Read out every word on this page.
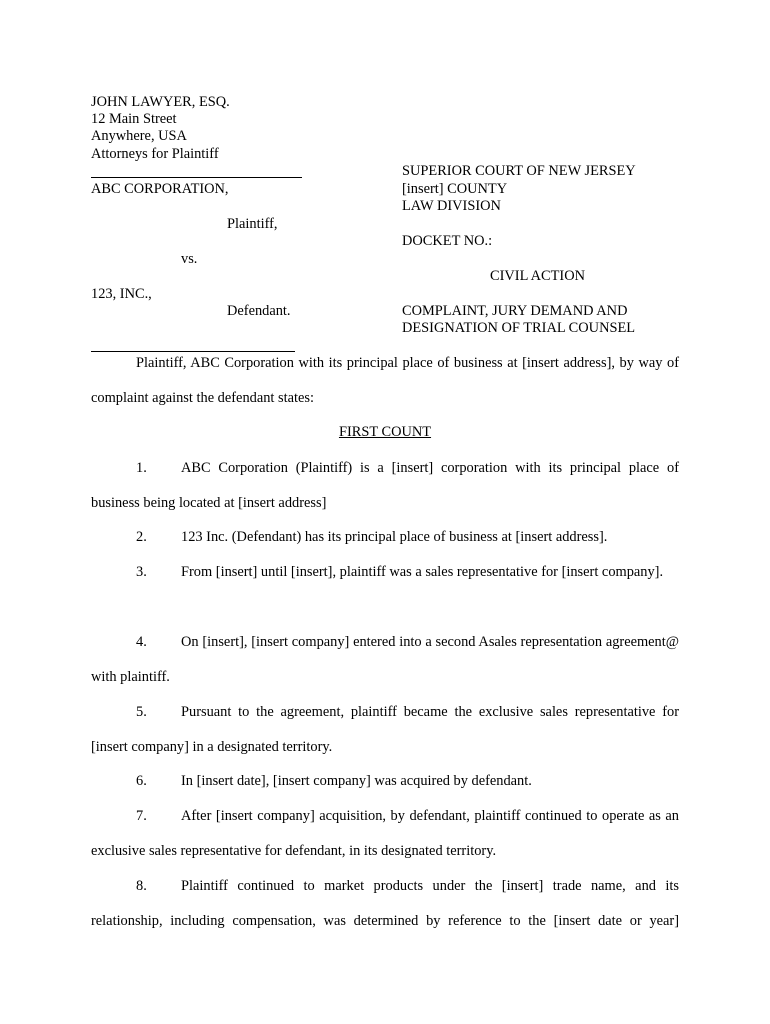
JOHN LAWYER, ESQ.
12 Main Street
Anywhere, USA
Attorneys for Plaintiff
ABC CORPORATION,
Plaintiff,
vs.
123, INC.,
Defendant.
SUPERIOR COURT OF NEW JERSEY
[insert] COUNTY
LAW DIVISION
DOCKET NO.:
CIVIL ACTION
COMPLAINT, JURY DEMAND AND
DESIGNATION OF TRIAL COUNSEL
Plaintiff, ABC Corporation with its principal place of business at [insert address], by way of complaint against the defendant states:
FIRST COUNT
1. ABC Corporation (Plaintiff) is a [insert] corporation with its principal place of business being located at [insert address]
2. 123 Inc. (Defendant) has its principal place of business at [insert address].
3. From [insert] until [insert], plaintiff was a sales representative for [insert company].
4. On [insert], [insert company] entered into a second Asales representation agreement@ with plaintiff.
5. Pursuant to the agreement, plaintiff became the exclusive sales representative for [insert company] in a designated territory.
6. In [insert date], [insert company] was acquired by defendant.
7. After [insert company] acquisition, by defendant, plaintiff continued to operate as an exclusive sales representative for defendant, in its designated territory.
8. Plaintiff continued to market products under the [insert] trade name, and its relationship, including compensation, was determined by reference to the [insert date or year]
